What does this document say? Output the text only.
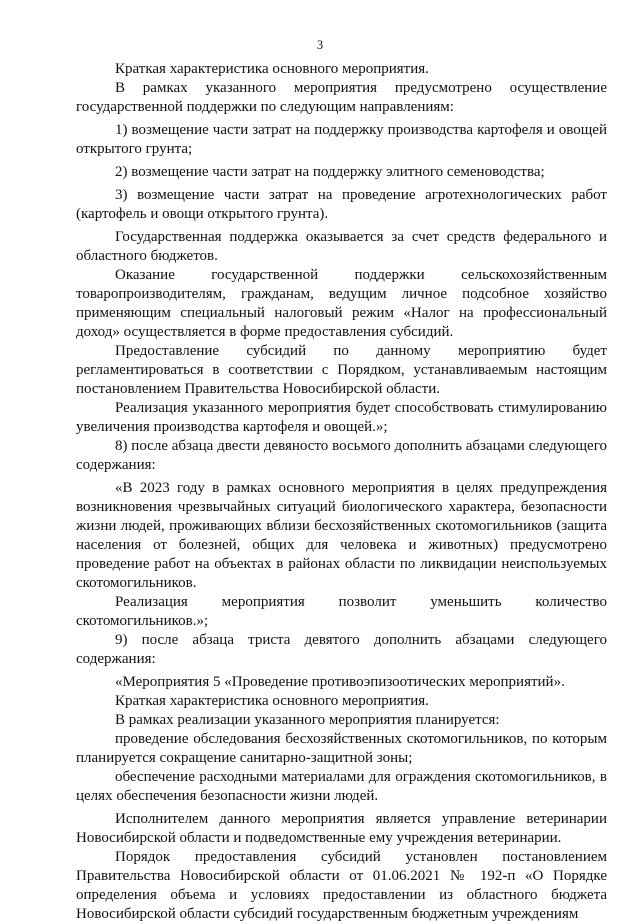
3

Краткая характеристика основного мероприятия.

В рамках указанного мероприятия предусмотрено осуществление государственной поддержки по следующим направлениям:

1) возмещение части затрат на поддержку производства картофеля и овощей открытого грунта;

2) возмещение части затрат на поддержку элитного семеноводства;

3) возмещение части затрат на проведение агротехнологических работ (картофель и овощи открытого грунта).

Государственная поддержка оказывается за счет средств федерального и областного бюджетов.

Оказание государственной поддержки сельскохозяйственным товаропроизводителям, гражданам, ведущим личное подсобное хозяйство применяющим специальный налоговый режим «Налог на профессиональный доход» осуществляется в форме предоставления субсидий.

Предоставление субсидий по данному мероприятию будет регламентироваться в соответствии с Порядком, устанавливаемым настоящим постановлением Правительства Новосибирской области.

Реализация указанного мероприятия будет способствовать стимулированию увеличения производства картофеля и овощей.»;

8) после абзаца двести девяносто восьмого дополнить абзацами следующего содержания:

«В 2023 году в рамках основного мероприятия в целях предупреждения возникновения чрезвычайных ситуаций биологического характера, безопасности жизни людей, проживающих вблизи бесхозяйственных скотомогильников (защита населения от болезней, общих для человека и животных) предусмотрено проведение работ на объектах в районах области по ликвидации неиспользуемых скотомогильников.

Реализация мероприятия позволит уменьшить количество скотомогильников.»;

9) после абзаца триста девятого дополнить абзацами следующего содержания:

«Мероприятия 5 «Проведение противоэпизоотических мероприятий».

Краткая характеристика основного мероприятия.

В рамках реализации указанного мероприятия планируется:

проведение обследования бесхозяйственных скотомогильников, по которым планируется сокращение санитарно-защитной зоны;

обеспечение расходными материалами для ограждения скотомогильников, в целях обеспечения безопасности жизни людей.

Исполнителем данного мероприятия является управление ветеринарии Новосибирской области и подведомственные ему учреждения ветеринарии.

Порядок предоставления субсидий установлен постановлением Правительства Новосибирской области от 01.06.2021 № 192-п «О Порядке определения объема и условиях предоставлении из областного бюджета Новосибирской области субсидий государственным бюджетным учреждениям
